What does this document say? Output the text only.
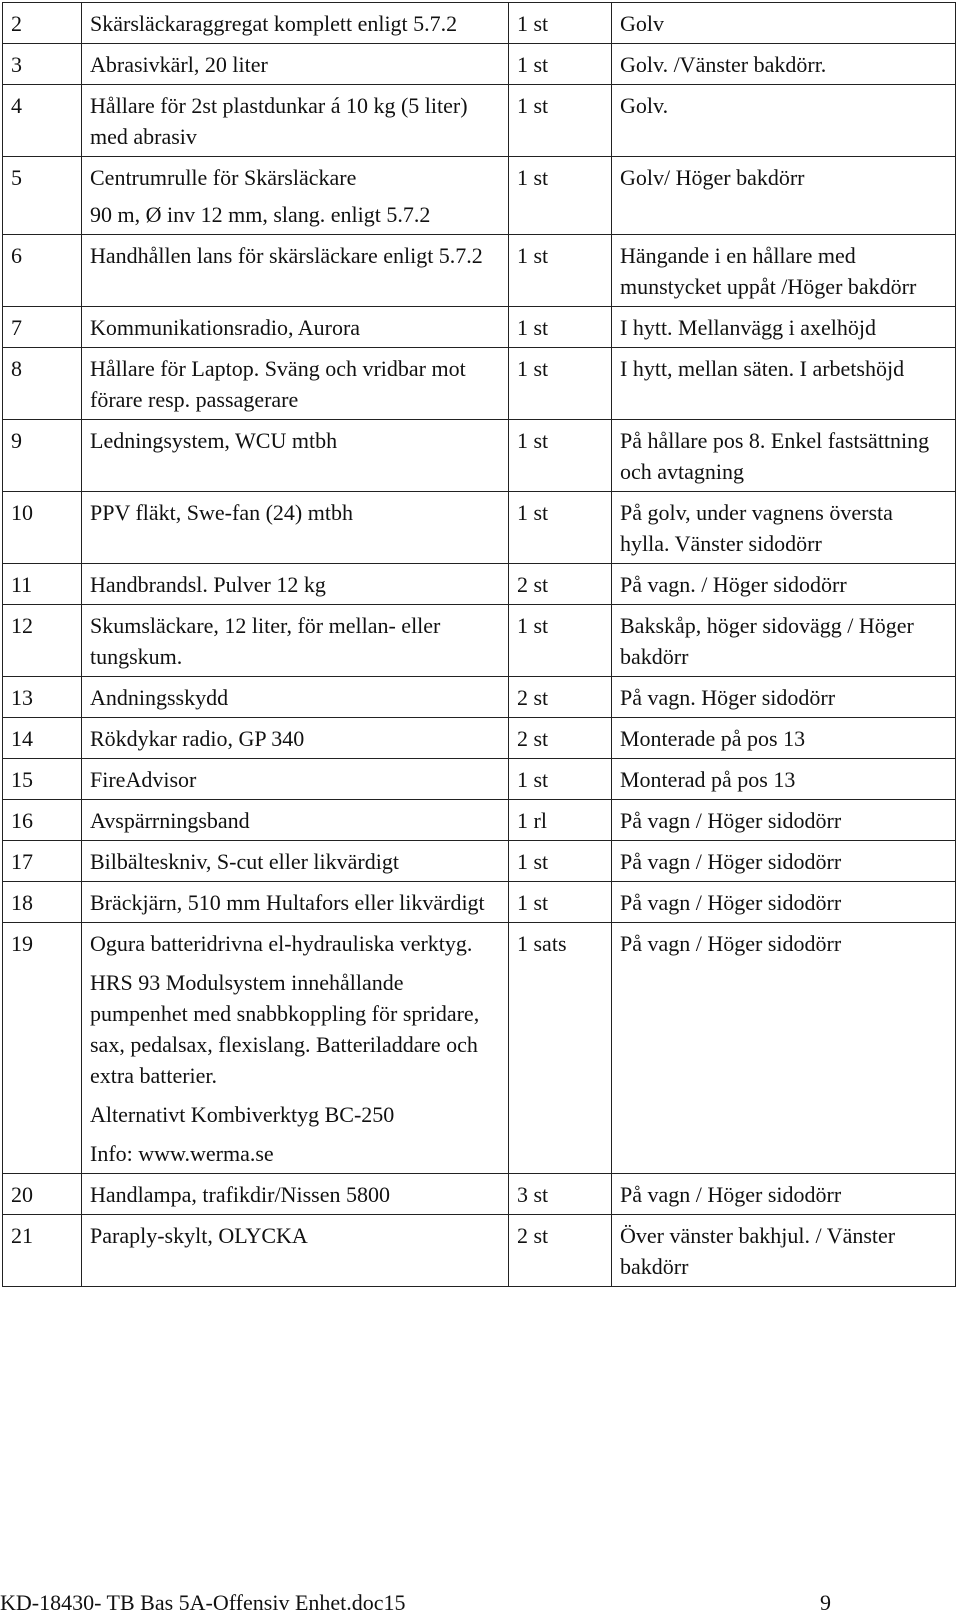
2	Skärsläckaraggregat komplett enligt 5.7.2	1 st	Golv

3	Abrasivkärl, 20 liter	1 st	Golv. /Vänster bakdörr.

4	Hållare för 2st plastdunkar á 10 kg (5 liter) med abrasiv	1 st	Golv.

5	Centrumrulle för Skärsläckare
90 m, Ø inv 12 mm, slang. enligt 5.7.2	1 st	Golv/ Höger bakdörr

6	Handhållen lans för skärsläckare enligt 5.7.2	1 st	Hängande i en hållare med munstycket uppåt /Höger bakdörr

7	Kommunikationsradio, Aurora	1 st	I hytt. Mellanvägg i axelhöjd

8	Hållare för Laptop. Sväng och vridbar mot förare resp. passagerare	1 st	I hytt, mellan säten. I arbetshöjd

9	Ledningsystem, WCU mtbh	1 st	På hållare pos 8. Enkel fastsättning och avtagning

10	PPV fläkt, Swe-fan (24) mtbh	1 st	På golv, under vagnens översta hylla. Vänster sidodörr

11	Handbrandsl. Pulver 12 kg	2 st	På vagn. / Höger sidodörr

12	Skumsläckare, 12 liter, för mellan- eller tungskum.	1 st	Bakskåp, höger sidovägg / Höger bakdörr

13	Andningsskydd	2 st	På vagn. Höger sidodörr

14	Rökdykar radio, GP 340	2 st	Monterade på pos 13

15	FireAdvisor	1 st	Monterad på pos 13

16	Avspärrningsband	1 rl	På vagn / Höger sidodörr

17	Bilbälteskniv, S-cut eller likvärdigt	1 st	På vagn / Höger sidodörr

18	Bräckjärn, 510 mm Hultafors eller likvärdigt	1 st	På vagn / Höger sidodörr

19	Ogura batteridrivna el-hydrauliska verktyg.
HRS 93 Modulsystem innehållande pumpenhet med snabbkoppling för spridare, sax, pedalsax, flexislang. Batteriladdare och extra batterier.
Alternativt Kombiverktyg BC-250
Info: www.werma.se	1 sats	På vagn / Höger sidodörr

20	Handlampa, trafikdir/Nissen 5800	3 st	På vagn / Höger sidodörr

21	Paraply-skylt, OLYCKA	2 st	Över vänster bakhjul. / Vänster bakdörr
KD-18430- TB Bas 5A-Offensiv Enhet.doc15	9
